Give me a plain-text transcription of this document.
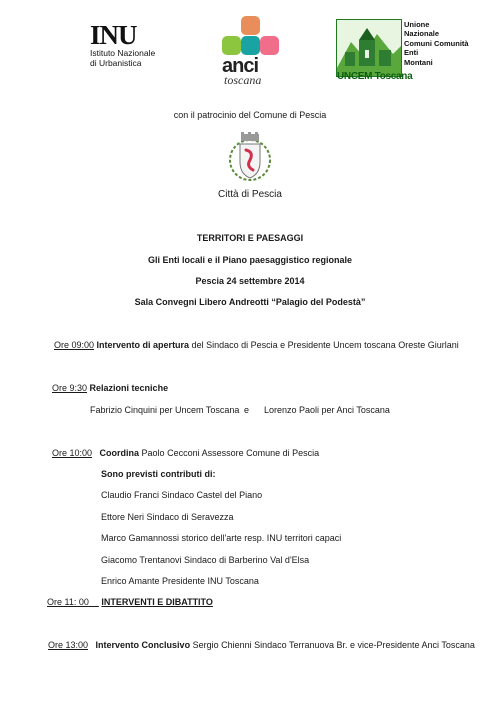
INU
Istituto Nazionale
di Urbanistica	anci
toscana	UNCEM Toscana
Unione
Nazionale
Comuni Comunità
Enti
Montani
con il patrocinio del Comune di Pescia
Città di Pescia
TERRITORI E PAESAGGI
Gli Enti locali e il Piano paesaggistico regionale
Pescia 24 settembre 2014
Sala Convegni Libero Andreotti “Palagio del Podestà”
Ore 09:00 Intervento di apertura del Sindaco di Pescia e Presidente Uncem toscana Oreste Giurlani
Ore 9:30 Relazioni tecniche
Fabrizio Cinquini per Uncem Toscana e Lorenzo Paoli per Anci Toscana
Ore 10:00 Coordina Paolo Cecconi Assessore Comune di Pescia
Sono previsti contributi di:
Claudio Franci Sindaco Castel del Piano
Ettore Neri Sindaco di Seravezza
Marco Gamannossi storico dell'arte resp. INU territori capaci
Giacomo Trentanovi Sindaco di Barberino Val d'Elsa
Enrico Amante Presidente INU Toscana
Ore 11: 00 INTERVENTI E DIBATTITO
Ore 13:00 Intervento Conclusivo Sergio Chienni Sindaco Terranuova Br. e vice-Presidente Anci Toscana
